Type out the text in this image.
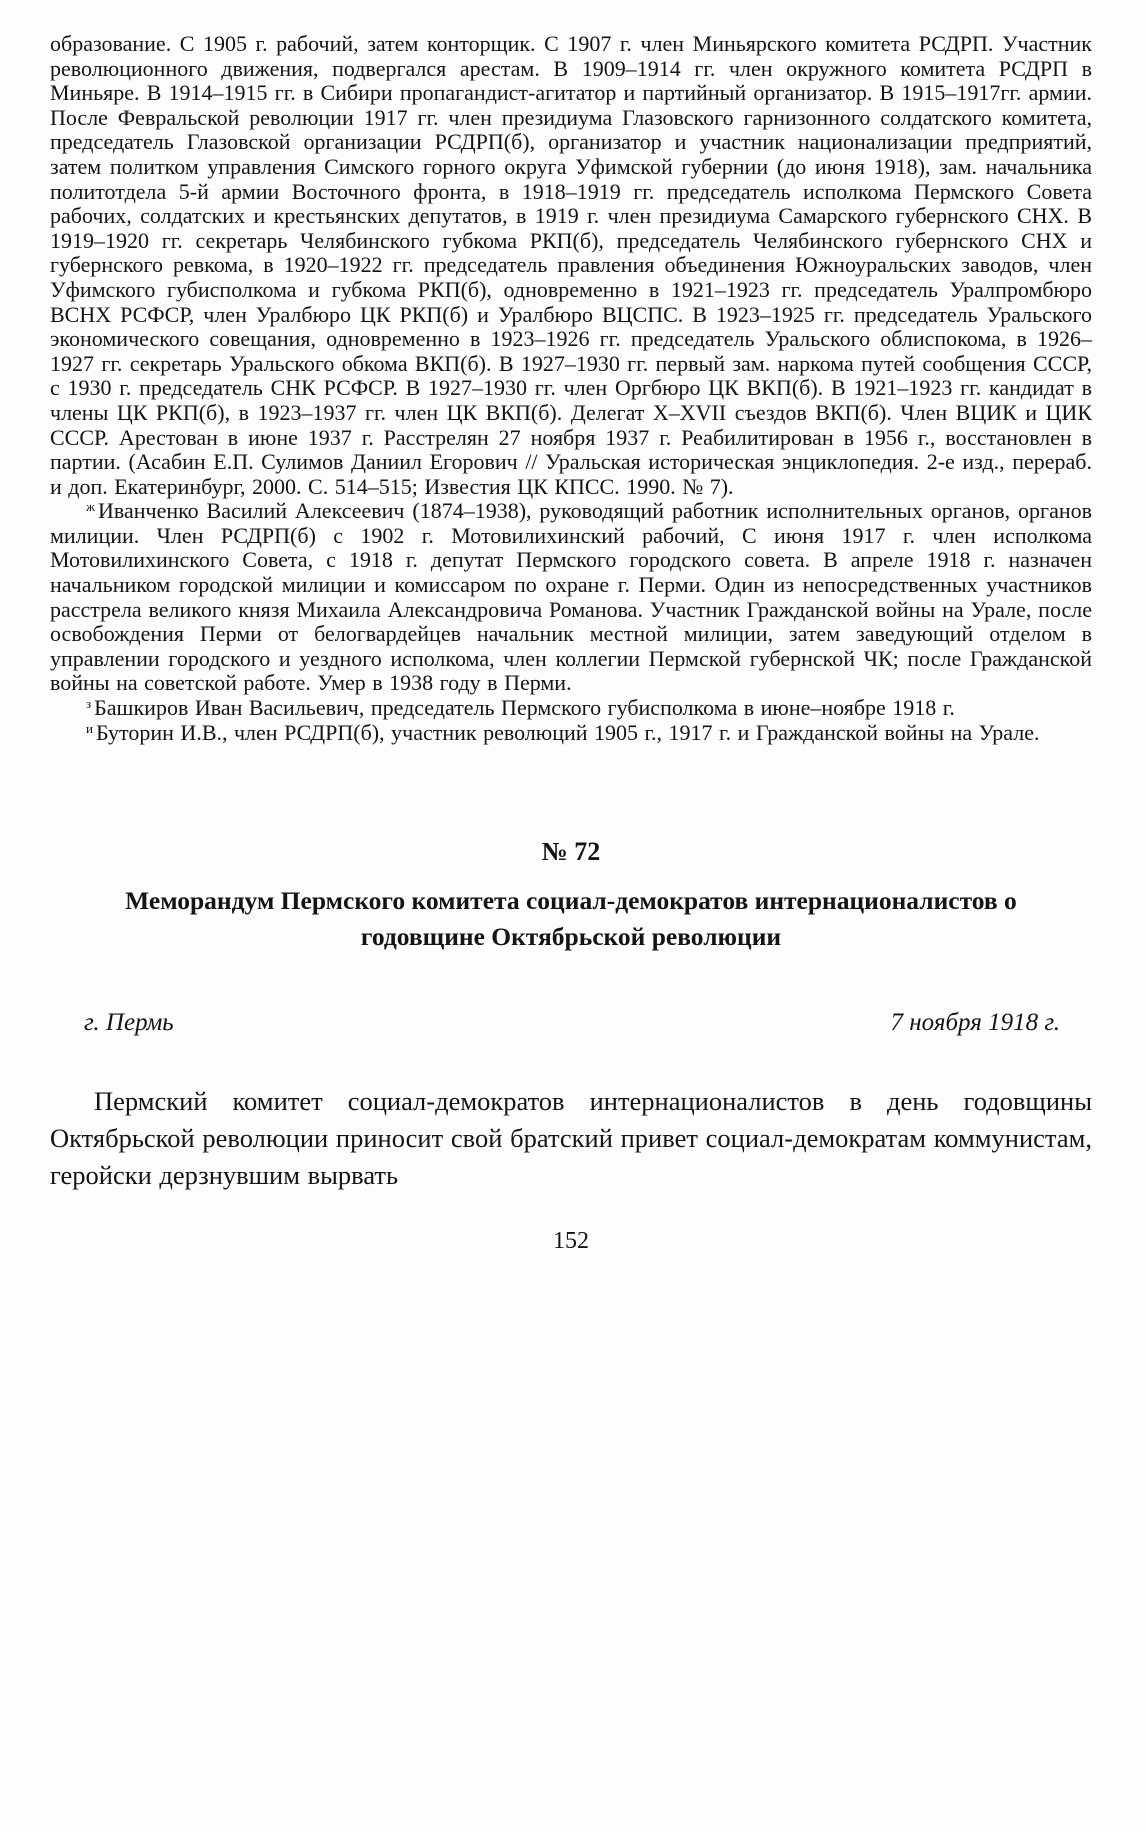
образование. С 1905 г. рабочий, затем конторщик. С 1907 г. член Миньярского комитета РСДРП. Участник революционного движения, подвергался арестам. В 1909–1914 гг. член окружного комитета РСДРП в Миньяре. В 1914–1915 гг. в Сибири пропагандист-агитатор и партийный организатор. В 1915–1917гг. армии. После Февральской революции 1917 гг. член президиума Глазовского гарнизонного солдатского комитета, председатель Глазовской организации РСДРП(б), организатор и участник национализации предприятий, затем политком управления Симского горного округа Уфимской губернии (до июня 1918), зам. начальника политотдела 5-й армии Восточного фронта, в 1918–1919 гг. председатель исполкома Пермского Совета рабочих, солдатских и крестьянских депутатов, в 1919 г. член президиума Самарского губернского СНХ. В 1919–1920 гг. секретарь Челябинского губкома РКП(б), председатель Челябинского губернского СНХ и губернского ревкома, в 1920–1922 гг. председатель правления объединения Южноуральских заводов, член Уфимского губисполкома и губкома РКП(б), одновременно в 1921–1923 гг. председатель Уралпромбюро ВСНХ РСФСР, член Уралбюро ЦК РКП(б) и Уралбюро ВЦСПС. В 1923–1925 гг. председатель Уральского экономического совещания, одновременно в 1923–1926 гг. председатель Уральского облиспокома, в 1926–1927 гг. секретарь Уральского обкома ВКП(б). В 1927–1930 гг. первый зам. наркома путей сообщения СССР, с 1930 г. председатель СНК РСФСР. В 1927–1930 гг. член Оргбюро ЦК ВКП(б). В 1921–1923 гг. кандидат в члены ЦК РКП(б), в 1923–1937 гг. член ЦК ВКП(б). Делегат X–XVII съездов ВКП(б). Член ВЦИК и ЦИК СССР. Арестован в июне 1937 г. Расстрелян 27 ноября 1937 г. Реабилитирован в 1956 г., восстановлен в партии. (Асабин Е.П. Сулимов Даниил Егорович // Уральская историческая энциклопедия. 2-е изд., перераб. и доп. Екатеринбург, 2000. С. 514–515; Известия ЦК КПСС. 1990. № 7).

$^ж$ Иванченко Василий Алексеевич (1874–1938), руководящий работник исполнительных органов, органов милиции. Член РСДРП(б) с 1902 г. Мотовилихинский рабочий, С июня 1917 г. член исполкома Мотовилихинского Совета, с 1918 г. депутат Пермского городского совета. В апреле 1918 г. назначен начальником городской милиции и комиссаром по охране г. Перми. Один из непосредственных участников расстрела великого князя Михаила Александровича Романова. Участник Гражданской войны на Урале, после освобождения Перми от белогвардейцев начальник местной милиции, затем заведующий отделом в управлении городского и уездного исполкома, член коллегии Пермской губернской ЧК; после Гражданской войны на советской работе. Умер в 1938 году в Перми.

$^з$ Башкиров Иван Васильевич, председатель Пермского губисполкома в июне–ноябре 1918 г.

$^и$ Буторин И.В., член РСДРП(б), участник революций 1905 г., 1917 г. и Гражданской войны на Урале.

№ 72
Меморандум Пермского комитета социал-демократов интернационалистов о годовщине Октябрьской революции
г. Пермь	7 ноября 1918 г.

Пермский комитет социал-демократов интернационалистов в день годовщины Октябрьской революции приносит свой братский привет социал-демократам коммунистам, геройски дерзнувшим вырвать

152
